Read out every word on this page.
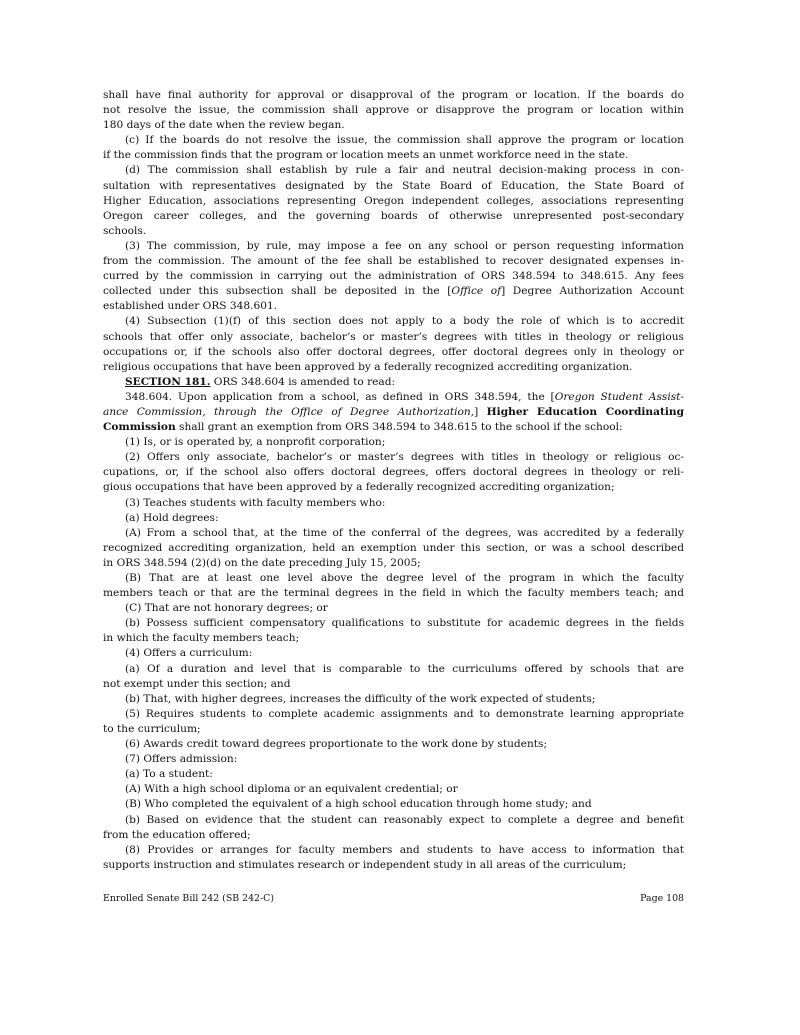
shall have final authority for approval or disapproval of the program or location. If the boards do
not resolve the issue, the commission shall approve or disapprove the program or location within
180 days of the date when the review began.
(c) If the boards do not resolve the issue, the commission shall approve the program or location
if the commission finds that the program or location meets an unmet workforce need in the state.
(d) The commission shall establish by rule a fair and neutral decision-making process in con-
sultation with representatives designated by the State Board of Education, the State Board of
Higher Education, associations representing Oregon independent colleges, associations representing
Oregon career colleges, and the governing boards of otherwise unrepresented post-secondary
schools.
(3) The commission, by rule, may impose a fee on any school or person requesting information
from the commission. The amount of the fee shall be established to recover designated expenses in-
curred by the commission in carrying out the administration of ORS 348.594 to 348.615. Any fees
collected under this subsection shall be deposited in the [Office of] Degree Authorization Account
established under ORS 348.601.
(4) Subsection (1)(f) of this section does not apply to a body the role of which is to accredit
schools that offer only associate, bachelor’s or master’s degrees with titles in theology or religious
occupations or, if the schools also offer doctoral degrees, offer doctoral degrees only in theology or
religious occupations that have been approved by a federally recognized accrediting organization.
SECTION 181. ORS 348.604 is amended to read:
348.604. Upon application from a school, as defined in ORS 348.594, the [Oregon Student Assist-
ance Commission, through the Office of Degree Authorization,] Higher Education Coordinating
Commission shall grant an exemption from ORS 348.594 to 348.615 to the school if the school:
(1) Is, or is operated by, a nonprofit corporation;
(2) Offers only associate, bachelor’s or master’s degrees with titles in theology or religious oc-
cupations, or, if the school also offers doctoral degrees, offers doctoral degrees in theology or reli-
gious occupations that have been approved by a federally recognized accrediting organization;
(3) Teaches students with faculty members who:
(a) Hold degrees:
(A) From a school that, at the time of the conferral of the degrees, was accredited by a federally
recognized accrediting organization, held an exemption under this section, or was a school described
in ORS 348.594 (2)(d) on the date preceding July 15, 2005;
(B) That are at least one level above the degree level of the program in which the faculty
members teach or that are the terminal degrees in the field in which the faculty members teach; and
(C) That are not honorary degrees; or
(b) Possess sufficient compensatory qualifications to substitute for academic degrees in the fields
in which the faculty members teach;
(4) Offers a curriculum:
(a) Of a duration and level that is comparable to the curriculums offered by schools that are
not exempt under this section; and
(b) That, with higher degrees, increases the difficulty of the work expected of students;
(5) Requires students to complete academic assignments and to demonstrate learning appropriate
to the curriculum;
(6) Awards credit toward degrees proportionate to the work done by students;
(7) Offers admission:
(a) To a student:
(A) With a high school diploma or an equivalent credential; or
(B) Who completed the equivalent of a high school education through home study; and
(b) Based on evidence that the student can reasonably expect to complete a degree and benefit
from the education offered;
(8) Provides or arranges for faculty members and students to have access to information that
supports instruction and stimulates research or independent study in all areas of the curriculum;
Enrolled Senate Bill 242 (SB 242-C)	Page 108
